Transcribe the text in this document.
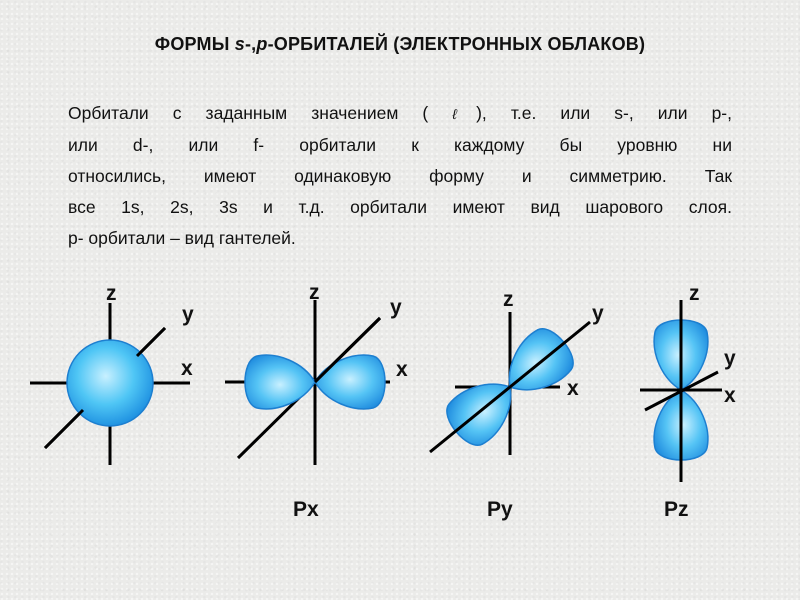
ФОРМЫ s-,p-ОРБИТАЛЕЙ (ЭЛЕКТРОННЫХ ОБЛАКОВ)
Орбитали с заданным значением ( ℓ), т.е. или s-, или p-,
или d-, или f- орбитали к каждому бы уровню ни
относились, имеют одинаковую форму и симметрию. Так
все 1s, 2s, 3s и т.д. орбитали имеют вид шарового слоя.
р- орбитали – вид гантелей.
z
y
x
z
y
x
Px
z
y
x
Py
z
y
x
Pz
